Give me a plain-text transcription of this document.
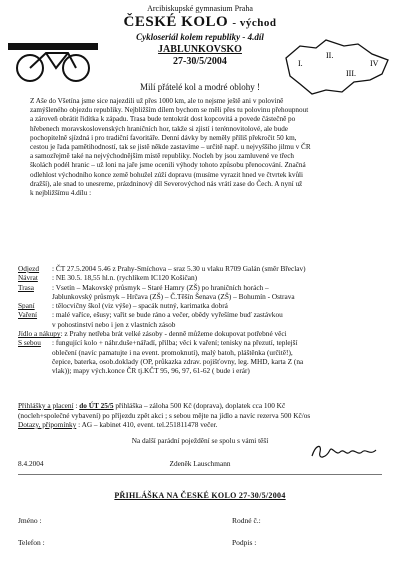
Arcibiskupské gymnasium Praha
ČESKÉ KOLO - východ
Cykloseriál kolem republiky - 4.díl
JABLUNKOVSKO
27-30/5/2004	I.
II.
III.
IV
Milí přátelé kol a modré oblohy !
Z Aše do Všetína jsme sice najezdili už přes 1000 km, ale to nejsme ještě ani v polovině
zamýšleného objezdu republiky. Nejbližším dílem bychom se měli přes tu polovinu přehoupnout
a zároveň obrátit řidítka k západu. Trasa bude tentokrát dost kopcovitá a povede částečně po
hřebenech moravskoslovenských hraničních hor, takže si zjistí i terénnovitolové, ale bude
pochopitelně sjízdná i pro tradiční favoritáře. Denní dávky by neměly příliš překročit 50 km,
cestou je řada pamětihodností, tak se jistě někde zastavíme – určitě např. u nejvyššího jilmu v ČR
a samozřejmě také na nejvýchodnějším místě republiky. Nocleh by jsou zamluvené ve třech
školách podél hranic – už loni na jaře jsme ocenili výhody tohoto způsobu přenocování. Značná
odlehlost východního konce země bohužel zúží dopravu (musíme vyrazit hned ve čtvrtek kvůli
dražší), ale snad to unesreme, prázdninový díl Severovýchod nás vrátí zase do Čech. A nyní už
k nejbližšímu 4.dílu :
Odjezd	: ČT 27.5.2004 5.46 z Prahy-Smíchova – sraz 5.30 u vlaku R709 Galán (směr Břeclav)
Návrat	: NE 30.5. 18,55 hl.n. (rychlíkem IC120 Košičan)
Trasa	: Vsetín – Makovský průsmyk – Staré Hamry (ZŠ) po hraničních horách –
Jablunkovský průsmyk – Hrčava (ZŠ) – Č.Těšín Šenava (ZŠ) – Bohumín - Ostrava
Spaní	: tělocvičny škol (viz výše) – spacák nutný, karimatka dobrá
Vaření	: malé vaříce, ešusy; vařit se bude ráno a večer, obědy vyřešíme buď zastávkou
v pohostinství nebo i jen z vlastních zásob
Jídlo a nákupy : z Prahy netřeba brát velké zásoby - denně můžeme dokupovat potřebné věci
S sebou	: fungující kolo + náhr.duše+nářadí, přilba; věci k vaření; tenisky na přezutí, teplejší
oblečení (navíc pamatujte i na event. promoknutí), malý batoh, pláštěnka (určitě!),
čepice, baterka, osob.doklady (OP, průkazka zdrav. pojišťovny, leg. MHD, karta Z (na
vlak)); mapy vých.konce ČR tj.KČT 95, 96, 97, 61-62 ( bude i erár)
Přihlášky a placení : do ÚT 25/5 přihláška – záloha 500 Kč (doprava), doplatek cca 100 Kč
(nocleh+společné vybavení) po příjezdu zpět akci ; s sebou mějte na jídlo a navíc rezerva 500 Kč/os
Dotazy, připomínky : AG – kabinet 410, event. tel.251811478 večer.
Na další parádní poježdění se spolu s vámi těší
8.4.2004	Zdeněk Lauschmann
PŘIHLÁŠKA NA ČESKÉ KOLO 27-30/5/2004
Jméno :	Rodné č.:
Telefon :	Podpis :
